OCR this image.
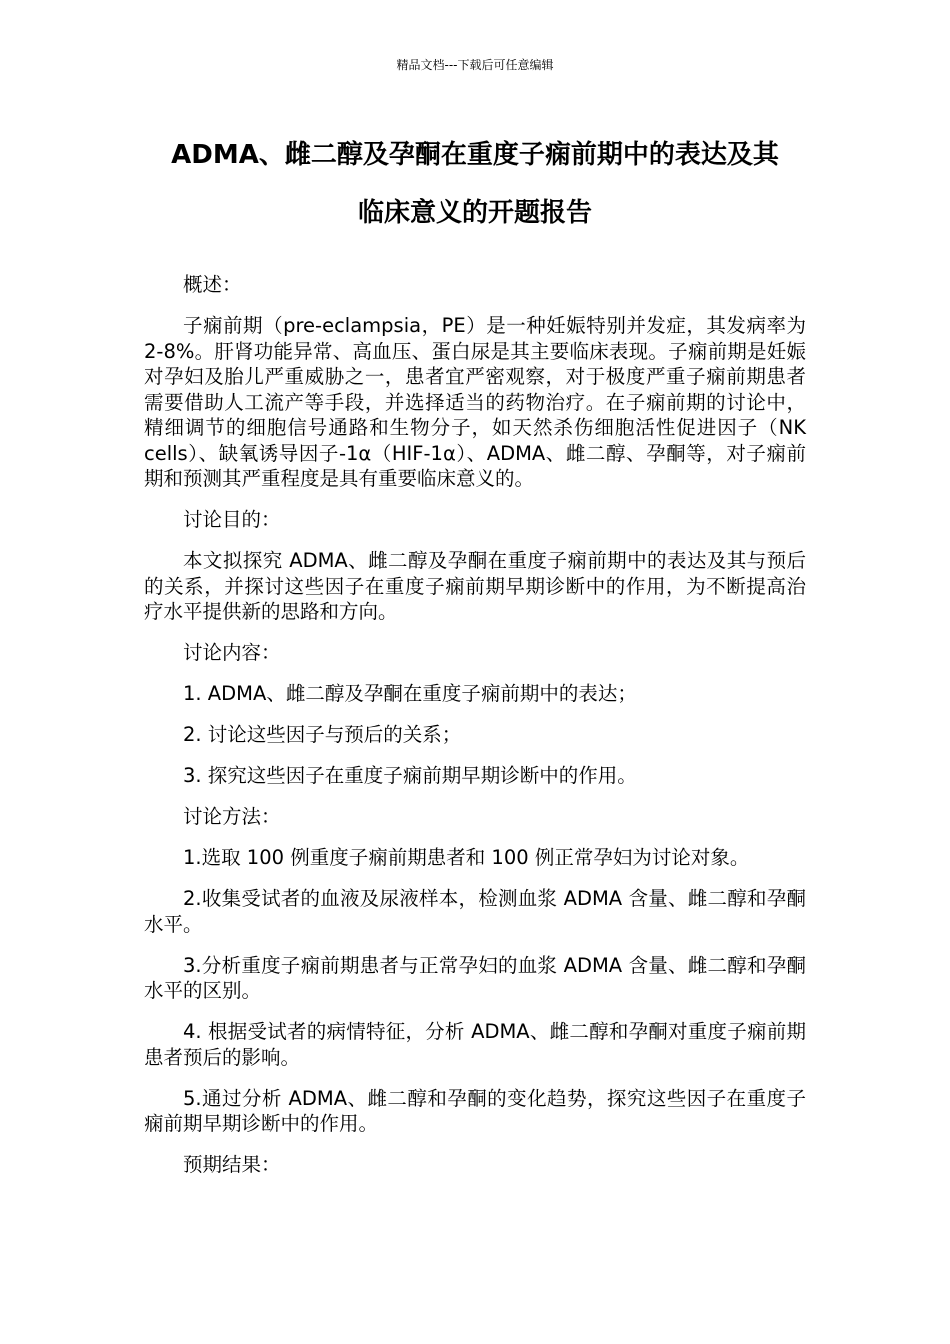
精品文档---下载后可任意编辑
ADMA、雌二醇及孕酮在重度子痫前期中的表达及其
临床意义的开题报告

概述：

子痫前期（pre-eclampsia，PE）是一种妊娠特别并发症，其发病率为 2-8%。肝肾功能异常、高血压、蛋白尿是其主要临床表现。子痫前期是妊娠对孕妇及胎儿严重威胁之一，患者宜严密观察，对于极度严重子痫前期患者需要借助人工流产等手段，并选择适当的药物治疗。在子痫前期的讨论中，精细调节的细胞信号通路和生物分子，如天然杀伤细胞活性促进因子（NK cells）、缺氧诱导因子-1α（HIF-1α）、ADMA、雌二醇、孕酮等，对子痫前期和预测其严重程度是具有重要临床意义的。

讨论目的：

本文拟探究 ADMA、雌二醇及孕酮在重度子痫前期中的表达及其与预后的关系，并探讨这些因子在重度子痫前期早期诊断中的作用，为不断提高治疗水平提供新的思路和方向。

讨论内容：

1. ADMA、雌二醇及孕酮在重度子痫前期中的表达；

2. 讨论这些因子与预后的关系；

3. 探究这些因子在重度子痫前期早期诊断中的作用。

讨论方法：

1.选取 100 例重度子痫前期患者和 100 例正常孕妇为讨论对象。

2.收集受试者的血液及尿液样本，检测血浆 ADMA 含量、雌二醇和孕酮水平。

3.分析重度子痫前期患者与正常孕妇的血浆 ADMA 含量、雌二醇和孕酮水平的区别。

4. 根据受试者的病情特征，分析 ADMA、雌二醇和孕酮对重度子痫前期患者预后的影响。

5.通过分析 ADMA、雌二醇和孕酮的变化趋势，探究这些因子在重度子痫前期早期诊断中的作用。

预期结果：
